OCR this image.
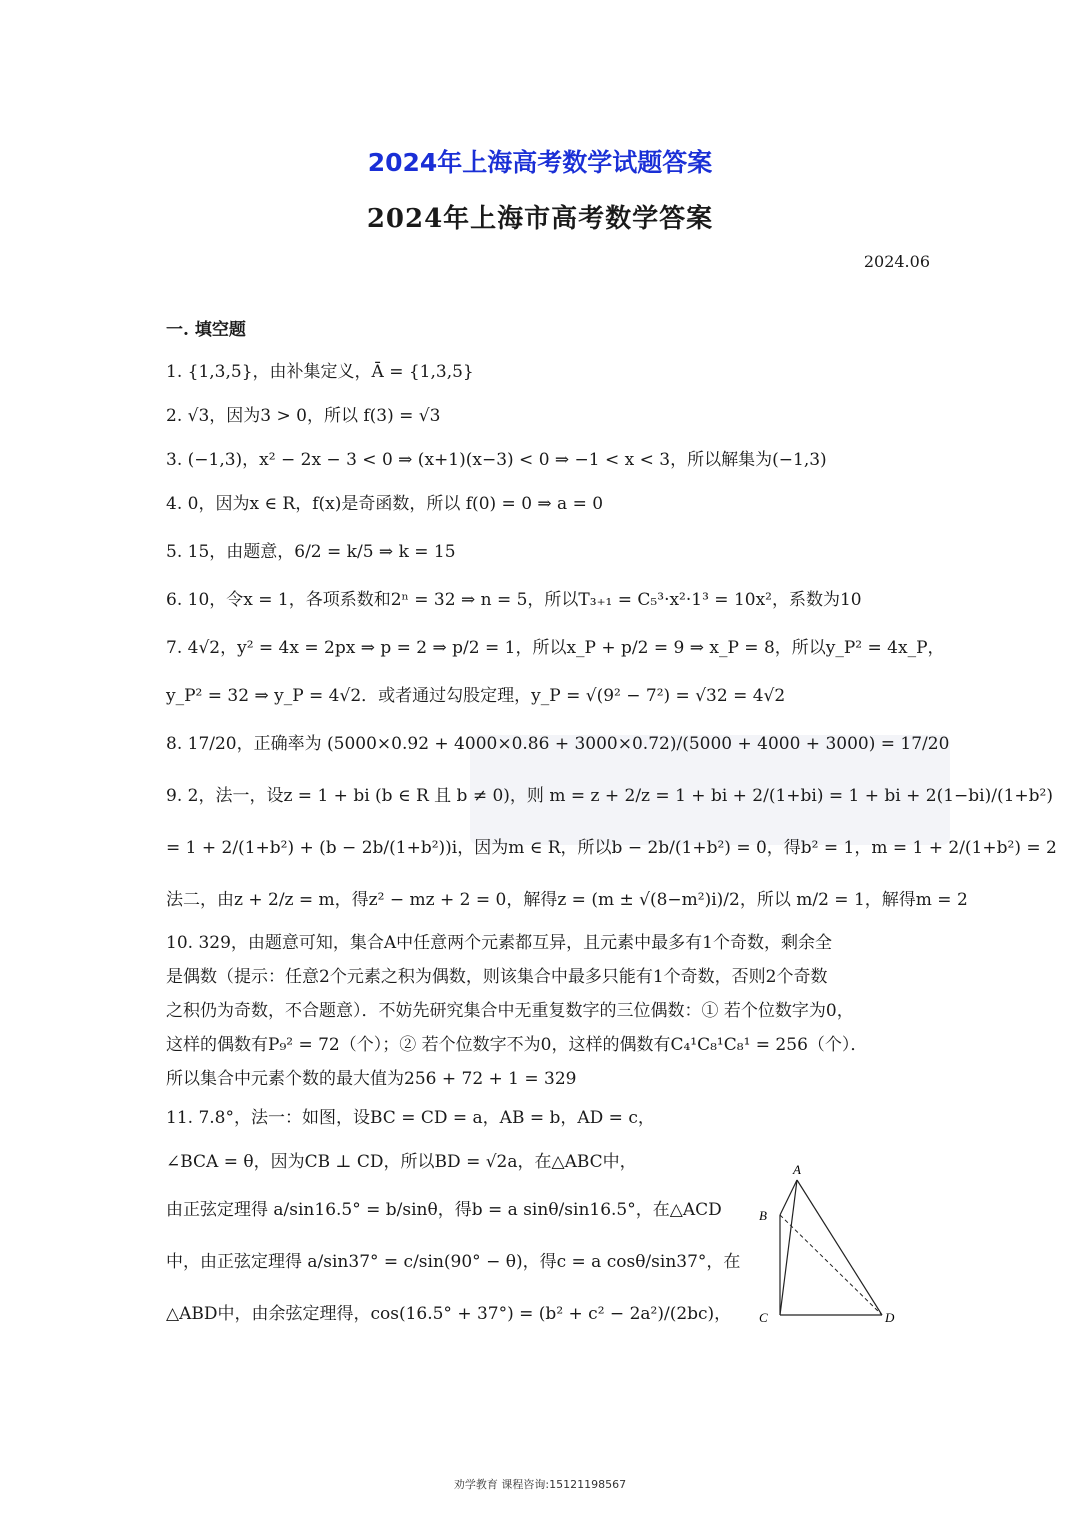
2024年上海高考数学试题答案
2024年上海市高考数学答案
2024.06
一. 填空题
1. {1,3,5}，由补集定义，Ā = {1,3,5}
2. √3，因为3 > 0，所以 f(3) = √3
3. (−1,3)，x² − 2x − 3 < 0 ⇒ (x+1)(x−3) < 0 ⇒ −1 < x < 3，所以解集为(−1,3)
4. 0，因为x ∈ R，f(x)是奇函数，所以 f(0) = 0 ⇒ a = 0
5. 15，由题意，6/2 = k/5 ⇒ k = 15
6. 10，令x = 1，各项系数和2ⁿ = 32 ⇒ n = 5，所以T₃₊₁ = C₅³·x²·1³ = 10x²，系数为10
7. 4√2，y² = 4x = 2px ⇒ p = 2 ⇒ p/2 = 1，所以x_P + p/2 = 9 ⇒ x_P = 8，所以y_P² = 4x_P，
y_P² = 32 ⇒ y_P = 4√2．或者通过勾股定理，y_P = √(9² − 7²) = √32 = 4√2
8. 17/20，正确率为 (5000×0.92 + 4000×0.86 + 3000×0.72)/(5000 + 4000 + 3000) = 17/20
9. 2，法一，设z = 1 + bi (b ∈ R 且 b ≠ 0)，则 m = z + 2/z = 1 + bi + 2/(1+bi) = 1 + bi + 2(1−bi)/(1+b²)
= 1 + 2/(1+b²) + (b − 2b/(1+b²))i，因为m ∈ R，所以b − 2b/(1+b²) = 0，得b² = 1，m = 1 + 2/(1+b²) = 2
法二，由z + 2/z = m，得z² − mz + 2 = 0，解得z = (m ± √(8−m²)i)/2，所以 m/2 = 1，解得m = 2
10. 329，由题意可知，集合A中任意两个元素都互异，且元素中最多有1个奇数，剩余全
是偶数（提示：任意2个元素之积为偶数，则该集合中最多只能有1个奇数，否则2个奇数
之积仍为奇数，不合题意）．不妨先研究集合中无重复数字的三位偶数：① 若个位数字为0，
这样的偶数有P₉² = 72（个）；② 若个位数字不为0，这样的偶数有C₄¹C₈¹C₈¹ = 256（个）．
所以集合中元素个数的最大值为256 + 72 + 1 = 329
11. 7.8°，法一：如图，设BC = CD = a，AB = b，AD = c，
∠BCA = θ，因为CB ⊥ CD，所以BD = √2a，在△ABC中，
由正弦定理得 a/sin16.5° = b/sinθ，得b = a sinθ/sin16.5°，在△ACD
中，由正弦定理得 a/sin37° = c/sin(90° − θ)，得c = a cosθ/sin37°，在
△ABD中，由余弦定理得，cos(16.5° + 37°) = (b² + c² − 2a²)/(2bc)，
A
B
C	D
劝学教育 课程咨询:15121198567
